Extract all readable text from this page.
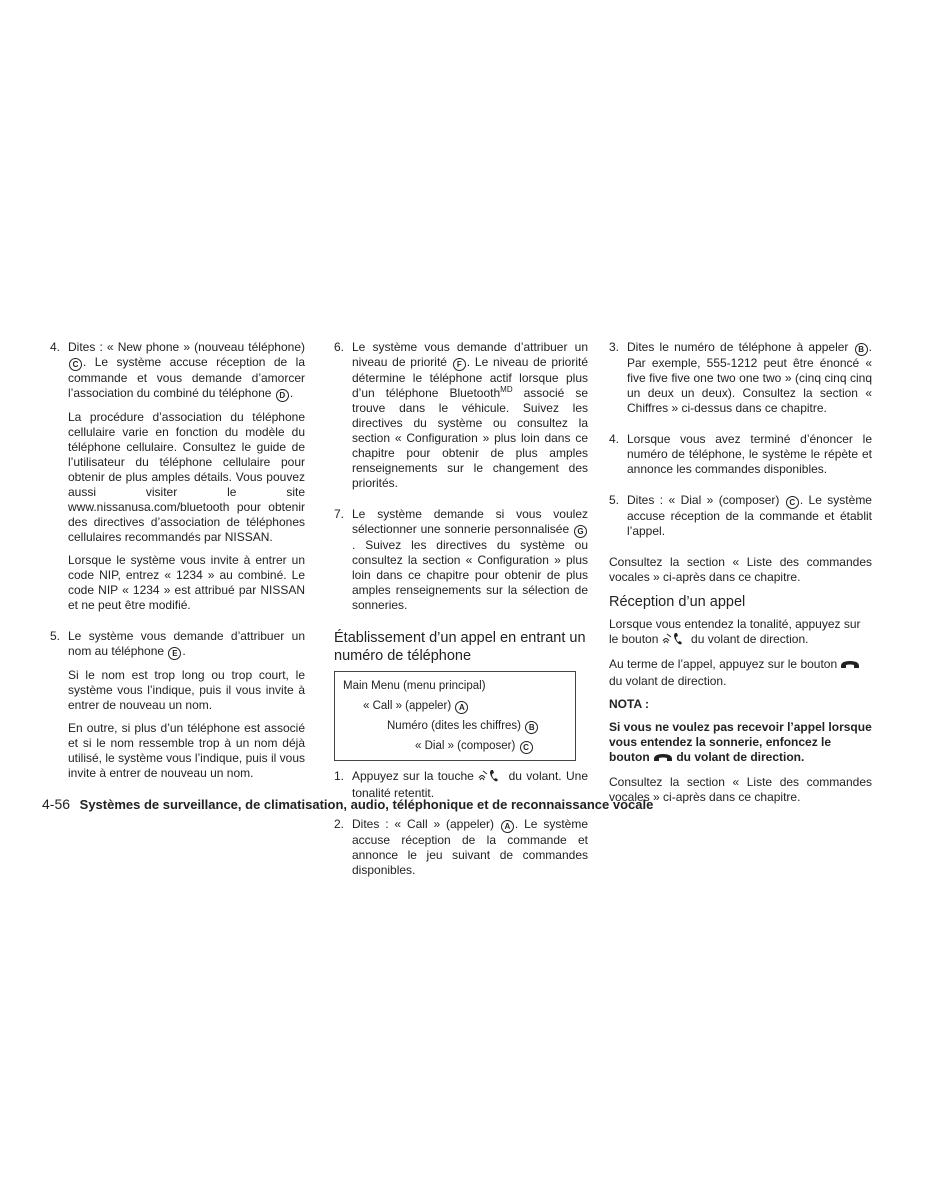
4. Dites : « New phone » (nouveau téléphone) C . Le système accuse réception de la commande et vous demande d’amorcer l’association du combiné du téléphone D .

La procédure d’association du téléphone cellulaire varie en fonction du modèle du téléphone cellulaire. Consultez le guide de l’utilisateur du téléphone cellulaire pour obtenir de plus amples détails. Vous pouvez aussi visiter le site www.nissanusa.com/bluetooth pour obtenir des directives d’association de téléphones cellulaires recommandés par NISSAN.

Lorsque le système vous invite à entrer un code NIP, entrez « 1234 » au combiné. Le code NIP « 1234 » est attribué par NISSAN et ne peut être modifié.

5. Le système vous demande d’attribuer un nom au téléphone E .

Si le nom est trop long ou trop court, le système vous l’indique, puis il vous invite à entrer de nouveau un nom.

En outre, si plus d’un téléphone est associé et si le nom ressemble trop à un nom déjà utilisé, le système vous l’indique, puis il vous invite à entrer de nouveau un nom.

6. Le système vous demande d’attribuer un niveau de priorité F . Le niveau de priorité détermine le téléphone actif lorsque plus d’un téléphone Bluetooth$^{MD}$ associé se trouve dans le véhicule. Suivez les directives du système ou consultez la section « Configuration » plus loin dans ce chapitre pour obtenir de plus amples renseignements sur le changement des priorités.

7. Le système demande si vous voulez sélectionner une sonnerie personnalisée G. Suivez les directives du système ou consultez la section « Configuration » plus loin dans ce chapitre pour obtenir de plus amples renseignements sur la sélection de sonneries.

Établissement d’un appel en entrant un numéro de téléphone
Main Menu (menu principal)
« Call » (appeler) A
Numéro (dites les chiffres) B
« Dial » (composer) C
1. Appuyez sur la touche  du volant. Une tonalité retentit.

2. Dites : « Call » (appeler) A . Le système accuse réception de la commande et annonce le jeu suivant de commandes disponibles.

3. Dites le numéro de téléphone à appeler B . Par exemple, 555-1212 peut être énoncé « five five five one two one two » (cinq cinq cinq un deux un deux). Consultez la section « Chiffres » ci-dessus dans ce chapitre.

4. Lorsque vous avez terminé d’énoncer le numéro de téléphone, le système le répète et annonce les commandes disponibles.

5. Dites : « Dial » (composer) C . Le système accuse réception de la commande et établit l’appel.

Consultez la section « Liste des commandes vocales » ci-après dans ce chapitre.

Réception d’un appel

Lorsque vous entendez la tonalité, appuyez sur le bouton  du volant de direction.

Au terme de l’appel, appuyez sur le bouton  du volant de direction.

NOTA :

Si vous ne voulez pas recevoir l’appel lorsque vous entendez la sonnerie, enfoncez le bouton  du volant de direction.

Consultez la section « Liste des commandes vocales » ci-après dans ce chapitre.

4-56 Systèmes de surveillance, de climatisation, audio, téléphonique et de reconnaissance vocale
